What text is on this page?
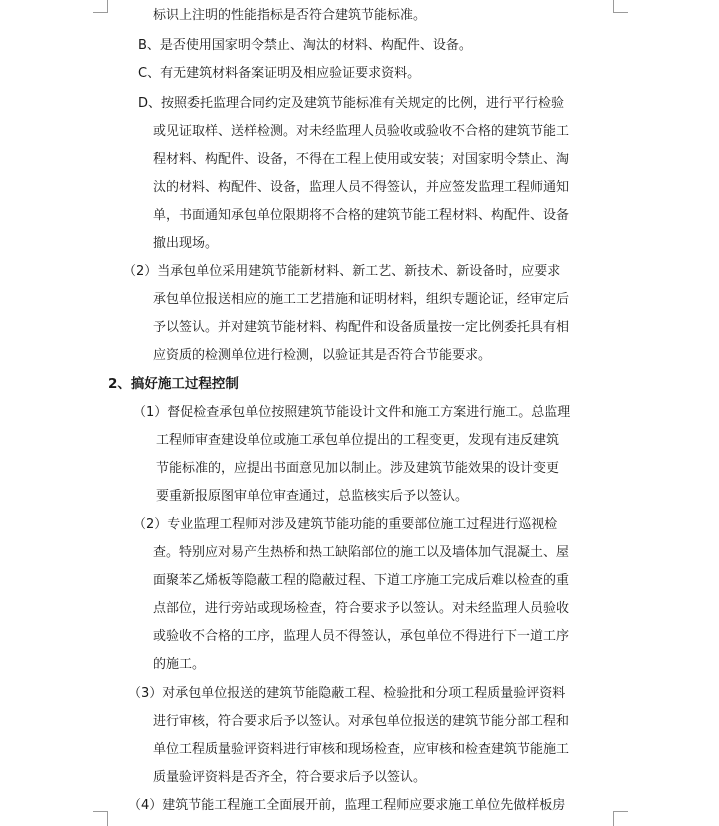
标识上注明的性能指标是否符合建筑节能标准。
B、是否使用国家明令禁止、淘汰的材料、构配件、设备。
C、有无建筑材料备案证明及相应验证要求资料。
D、按照委托监理合同约定及建筑节能标准有关规定的比例，进行平行检验
或见证取样、送样检测。对未经监理人员验收或验收不合格的建筑节能工
程材料、构配件、设备，不得在工程上使用或安装；对国家明令禁止、淘
汰的材料、构配件、设备，监理人员不得签认，并应签发监理工程师通知
单，书面通知承包单位限期将不合格的建筑节能工程材料、构配件、设备
撤出现场。
（2）当承包单位采用建筑节能新材料、新工艺、新技术、新设备时，应要求
承包单位报送相应的施工工艺措施和证明材料，组织专题论证，经审定后
予以签认。并对建筑节能材料、构配件和设备质量按一定比例委托具有相
应资质的检测单位进行检测，以验证其是否符合节能要求。
2、搞好施工过程控制
（1）督促检查承包单位按照建筑节能设计文件和施工方案进行施工。总监理
工程师审查建设单位或施工承包单位提出的工程变更，发现有违反建筑
节能标准的，应提出书面意见加以制止。涉及建筑节能效果的设计变更
要重新报原图审单位审查通过，总监核实后予以签认。
（2）专业监理工程师对涉及建筑节能功能的重要部位施工过程进行巡视检
查。特别应对易产生热桥和热工缺陷部位的施工以及墙体加气混凝土、屋
面聚苯乙烯板等隐蔽工程的隐蔽过程、下道工序施工完成后难以检查的重
点部位，进行旁站或现场检查，符合要求予以签认。对未经监理人员验收
或验收不合格的工序，监理人员不得签认，承包单位不得进行下一道工序
的施工。
（3）对承包单位报送的建筑节能隐蔽工程、检验批和分项工程质量验评资料
进行审核，符合要求后予以签认。对承包单位报送的建筑节能分部工程和
单位工程质量验评资料进行审核和现场检查，应审核和检查建筑节能施工
质量验评资料是否齐全，符合要求后予以签认。
（4）建筑节能工程施工全面展开前，监理工程师应要求施工单位先做样板房
